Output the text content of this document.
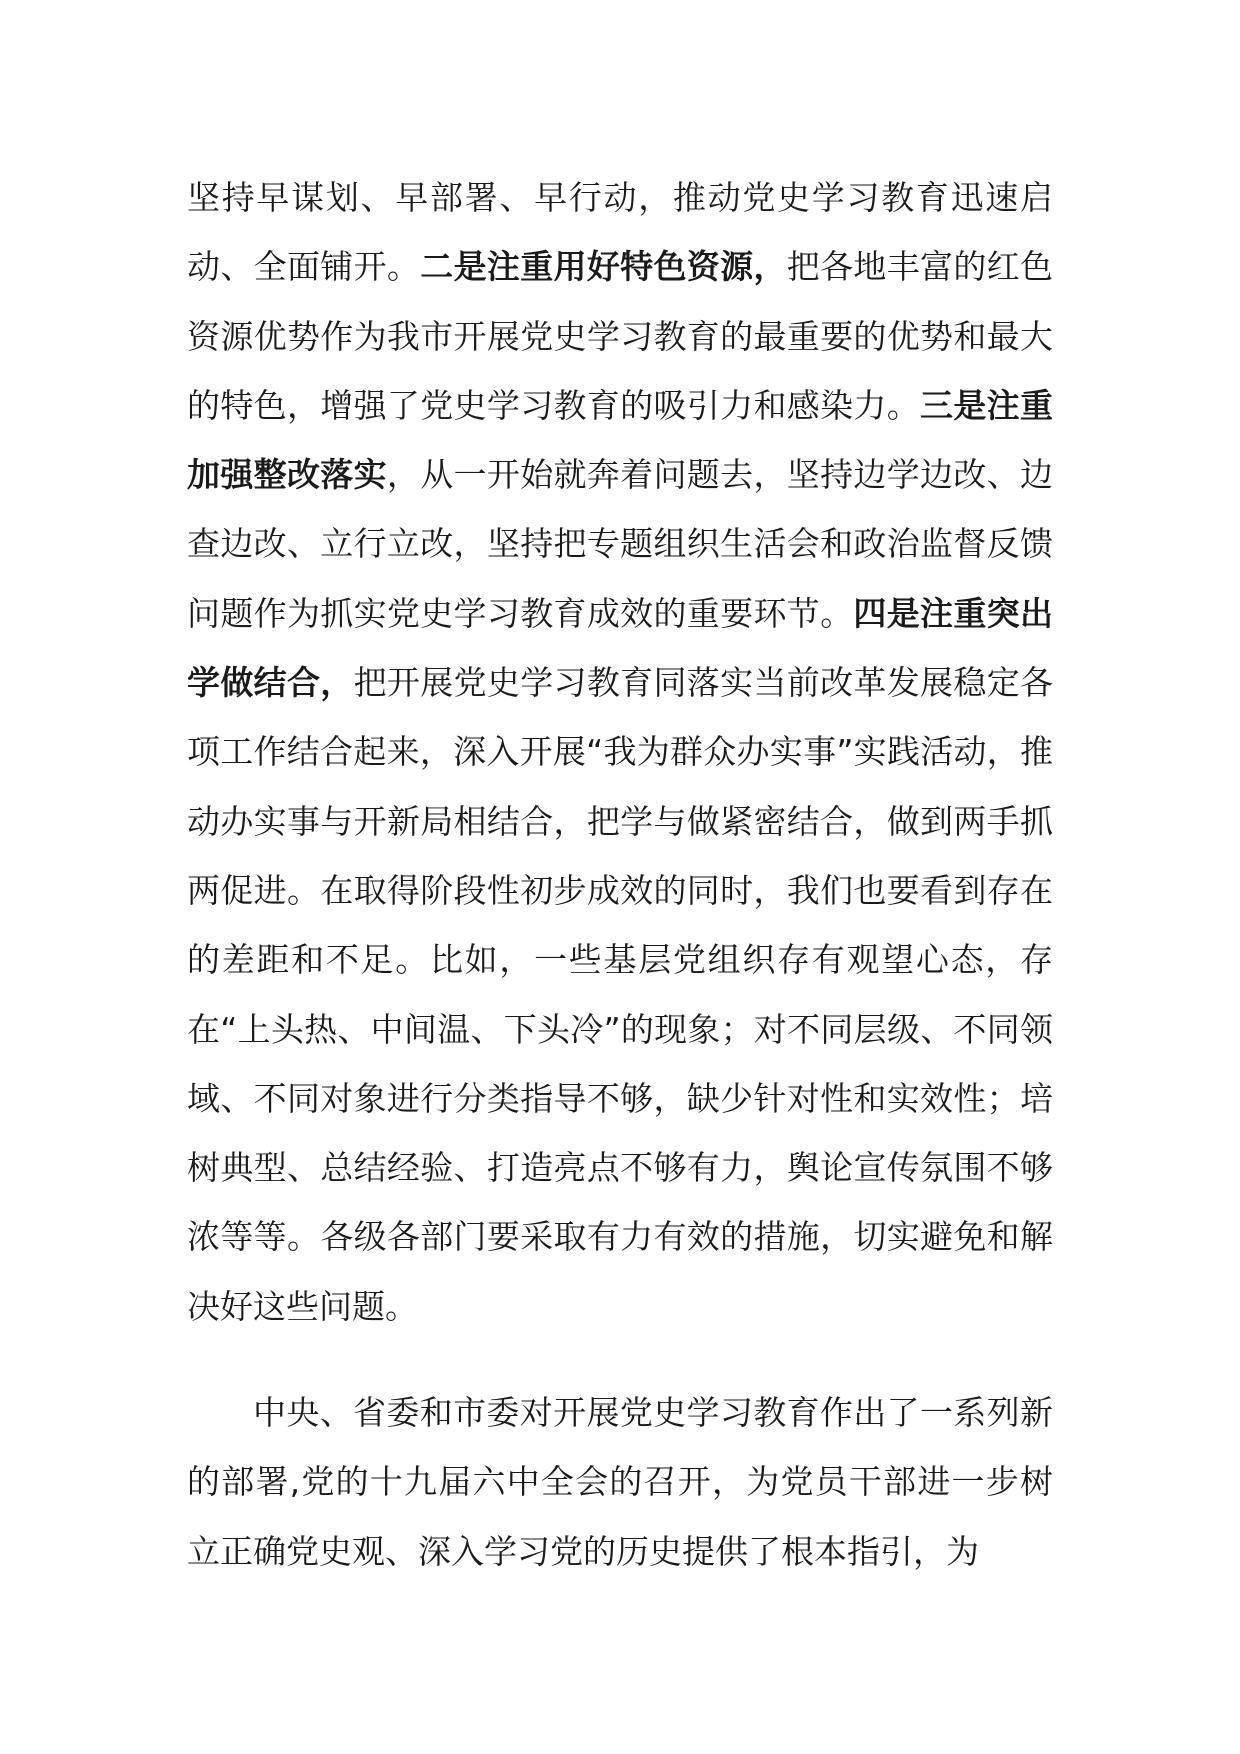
坚持早谋划、早部署、早行动，推动党史学习教育迅速启动、全面铺开。二是注重用好特色资源，把各地丰富的红色资源优势作为我市开展党史学习教育的最重要的优势和最大的特色，增强了党史学习教育的吸引力和感染力。三是注重加强整改落实，从一开始就奔着问题去，坚持边学边改、边查边改、立行立改，坚持把专题组织生活会和政治监督反馈问题作为抓实党史学习教育成效的重要环节。四是注重突出学做结合，把开展党史学习教育同落实当前改革发展稳定各项工作结合起来，深入开展“我为群众办实事”实践活动，推动办实事与开新局相结合，把学与做紧密结合，做到两手抓两促进。在取得阶段性初步成效的同时，我们也要看到存在的差距和不足。比如，一些基层党组织存有观望心态，存在“上头热、中间温、下头冷”的现象；对不同层级、不同领域、不同对象进行分类指导不够，缺少针对性和实效性；培树典型、总结经验、打造亮点不够有力，舆论宣传氛围不够浓等等。各级各部门要采取有力有效的措施，切实避免和解决好这些问题。

中央、省委和市委对开展党史学习教育作出了一系列新的部署,党的十九届六中全会的召开，为党员干部进一步树立正确党史观、深入学习党的历史提供了根本指引，为
